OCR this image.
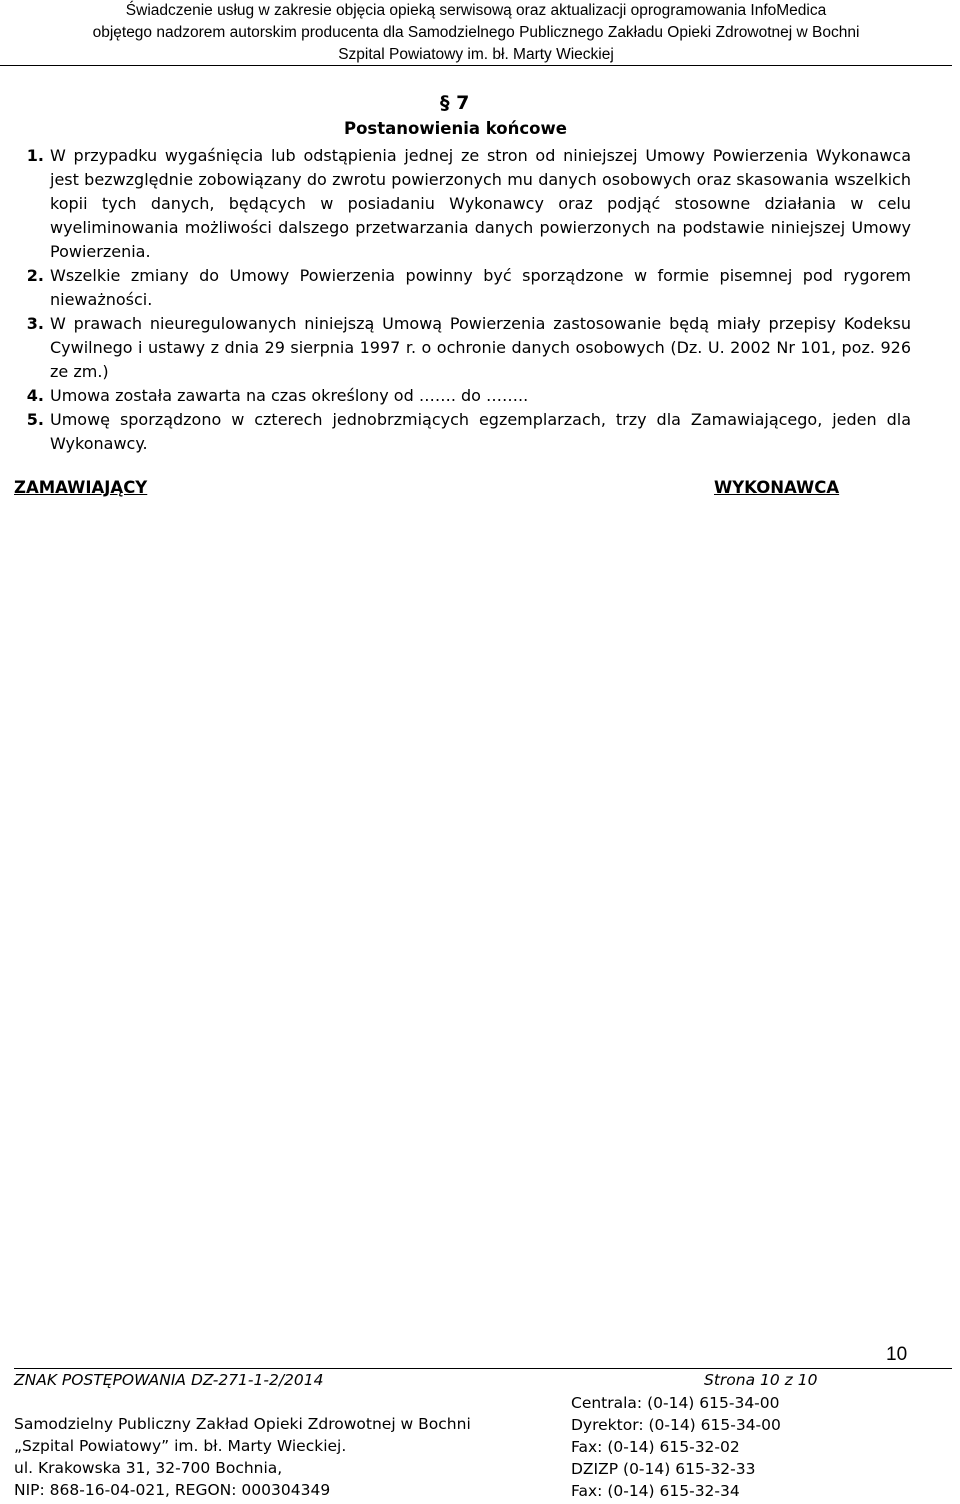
Świadczenie usług w zakresie objęcia opieką serwisową oraz aktualizacji oprogramowania InfoMedica
objętego nadzorem autorskim producenta dla Samodzielnego Publicznego Zakładu Opieki Zdrowotnej w Bochni
Szpital Powiatowy im. bł. Marty Wieckiej
§ 7
Postanowienia końcowe

1. W przypadku wygaśnięcia lub odstąpienia jednej ze stron od niniejszej Umowy Powierzenia Wykonawca jest bezwzględnie zobowiązany do zwrotu powierzonych mu danych osobowych oraz skasowania wszelkich kopii tych danych, będących w posiadaniu Wykonawcy oraz podjąć stosowne działania w celu wyeliminowania możliwości dalszego przetwarzania danych powierzonych na podstawie niniejszej Umowy Powierzenia.

2. Wszelkie zmiany do Umowy Powierzenia powinny być sporządzone w formie pisemnej pod rygorem nieważności.

3. W prawach nieuregulowanych niniejszą Umową Powierzenia zastosowanie będą miały przepisy Kodeksu Cywilnego i ustawy z dnia 29 sierpnia 1997 r. o ochronie danych osobowych (Dz. U. 2002 Nr 101, poz. 926 ze zm.)

4. Umowa została zawarta na czas określony od ……. do ……..

5. Umowę sporządzono w czterech jednobrzmiących egzemplarzach, trzy dla Zamawiającego, jeden dla Wykonawcy.

ZAMAWIAJĄCY	WYKONAWCA
10
ZNAK POSTĘPOWANIA DZ-271-1-2/2014	Strona 10 z 10
Samodzielny Publiczny Zakład Opieki Zdrowotnej w Bochni
„Szpital Powiatowy” im. bł. Marty Wieckiej.
ul. Krakowska 31, 32-700 Bochnia,
NIP: 868-16-04-021, REGON: 000304349
Centrala: (0-14) 615-34-00
Dyrektor: (0-14) 615-34-00
Fax: (0-14) 615-32-02
DZIZP (0-14) 615-32-33
Fax: (0-14) 615-32-34
